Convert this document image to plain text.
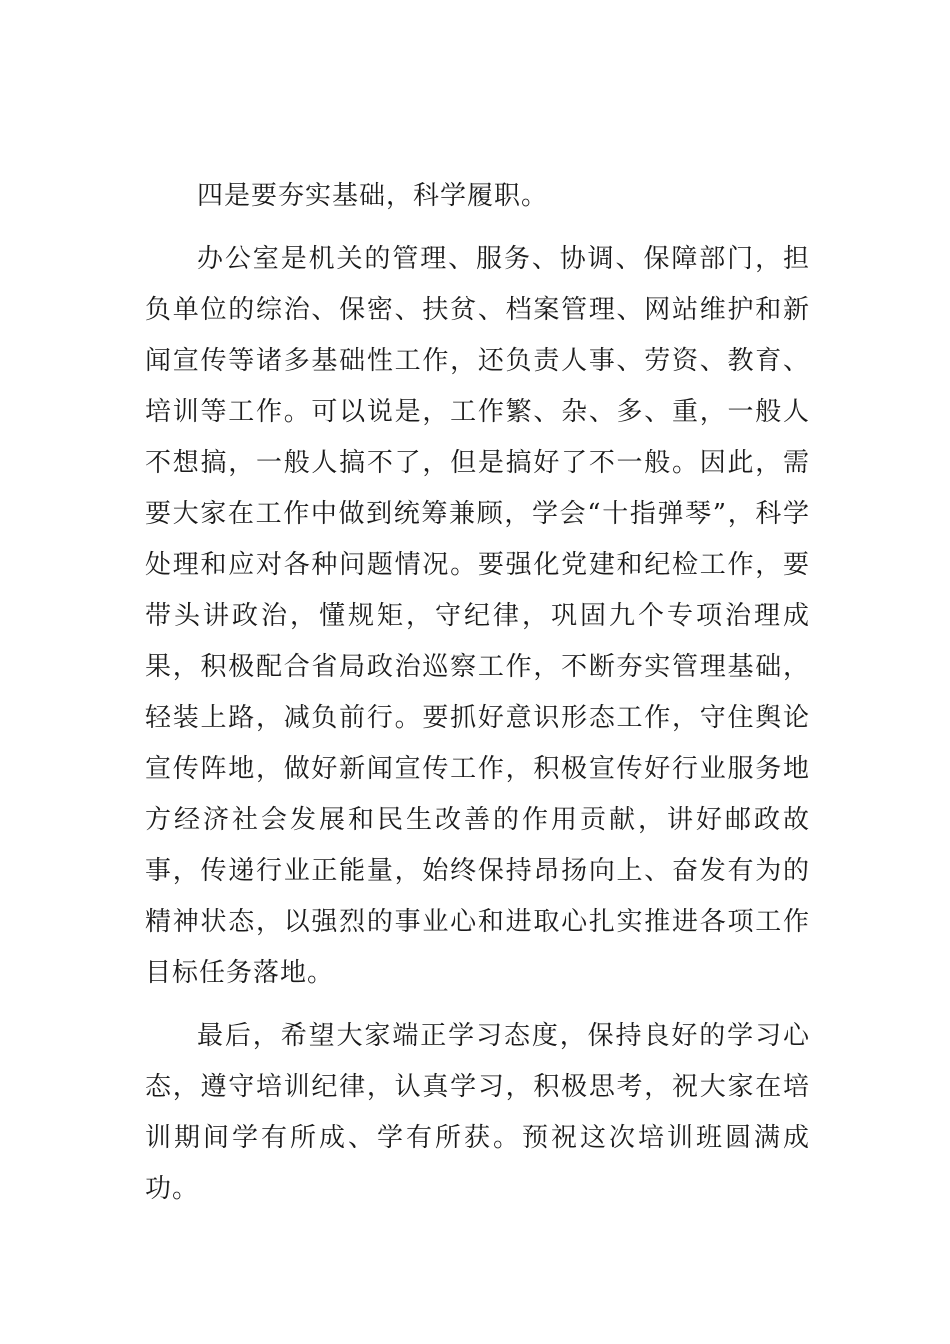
四是要夯实基础，科学履职。

办公室是机关的管理、服务、协调、保障部门，担负单位的综治、保密、扶贫、档案管理、网站维护和新闻宣传等诸多基础性工作，还负责人事、劳资、教育、培训等工作。可以说是，工作繁、杂、多、重，一般人不想搞，一般人搞不了，但是搞好了不一般。因此，需要大家在工作中做到统筹兼顾，学会“十指弹琴”，科学处理和应对各种问题情况。要强化党建和纪检工作，要带头讲政治，懂规矩，守纪律，巩固九个专项治理成果，积极配合省局政治巡察工作，不断夯实管理基础，轻装上路，减负前行。要抓好意识形态工作，守住舆论宣传阵地，做好新闻宣传工作，积极宣传好行业服务地方经济社会发展和民生改善的作用贡献，讲好邮政故事，传递行业正能量，始终保持昂扬向上、奋发有为的精神状态，以强烈的事业心和进取心扎实推进各项工作目标任务落地。

最后，希望大家端正学习态度，保持良好的学习心态，遵守培训纪律，认真学习，积极思考，祝大家在培训期间学有所成、学有所获。预祝这次培训班圆满成功。
